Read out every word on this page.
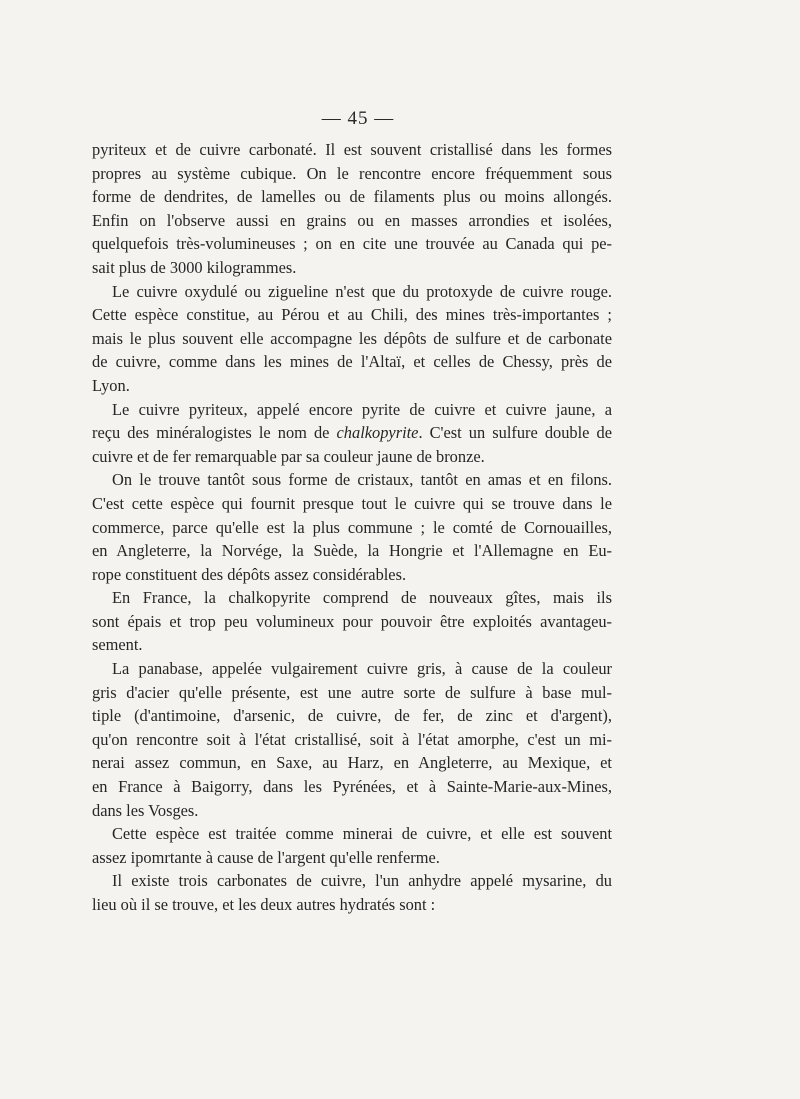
— 45 —
pyriteux et de cuivre carbonaté. Il est souvent cristallisé dans les formes
propres au système cubique. On le rencontre encore fréquemment sous
forme de dendrites, de lamelles ou de filaments plus ou moins allongés.
Enfin on l'observe aussi en grains ou en masses arrondies et isolées,
quelquefois très-volumineuses ; on en cite une trouvée au Canada qui pe-
sait plus de 3000 kilogrammes.
Le cuivre oxydulé ou zigueline n'est que du protoxyde de cuivre rouge.
Cette espèce constitue, au Pérou et au Chili, des mines très-importantes ;
mais le plus souvent elle accompagne les dépôts de sulfure et de carbonate
de cuivre, comme dans les mines de l'Altaï, et celles de Chessy, près de
Lyon.
Le cuivre pyriteux, appelé encore pyrite de cuivre et cuivre jaune, a
reçu des minéralogistes le nom de chalkopyrite. C'est un sulfure double de
cuivre et de fer remarquable par sa couleur jaune de bronze.
On le trouve tantôt sous forme de cristaux, tantôt en amas et en filons.
C'est cette espèce qui fournit presque tout le cuivre qui se trouve dans le
commerce, parce qu'elle est la plus commune ; le comté de Cornouailles,
en Angleterre, la Norvége, la Suède, la Hongrie et l'Allemagne en Eu-
rope constituent des dépôts assez considérables.
En France, la chalkopyrite comprend de nouveaux gîtes, mais ils
sont épais et trop peu volumineux pour pouvoir être exploités avantageu-
sement.
La panabase, appelée vulgairement cuivre gris, à cause de la couleur
gris d'acier qu'elle présente, est une autre sorte de sulfure à base mul-
tiple (d'antimoine, d'arsenic, de cuivre, de fer, de zinc et d'argent),
qu'on rencontre soit à l'état cristallisé, soit à l'état amorphe, c'est un mi-
nerai assez commun, en Saxe, au Harz, en Angleterre, au Mexique, et
en France à Baigorry, dans les Pyrénées, et à Sainte-Marie-aux-Mines,
dans les Vosges.
Cette espèce est traitée comme minerai de cuivre, et elle est souvent
assez ipomrtante à cause de l'argent qu'elle renferme.
Il existe trois carbonates de cuivre, l'un anhydre appelé mysarine, du
lieu où il se trouve, et les deux autres hydratés sont :
